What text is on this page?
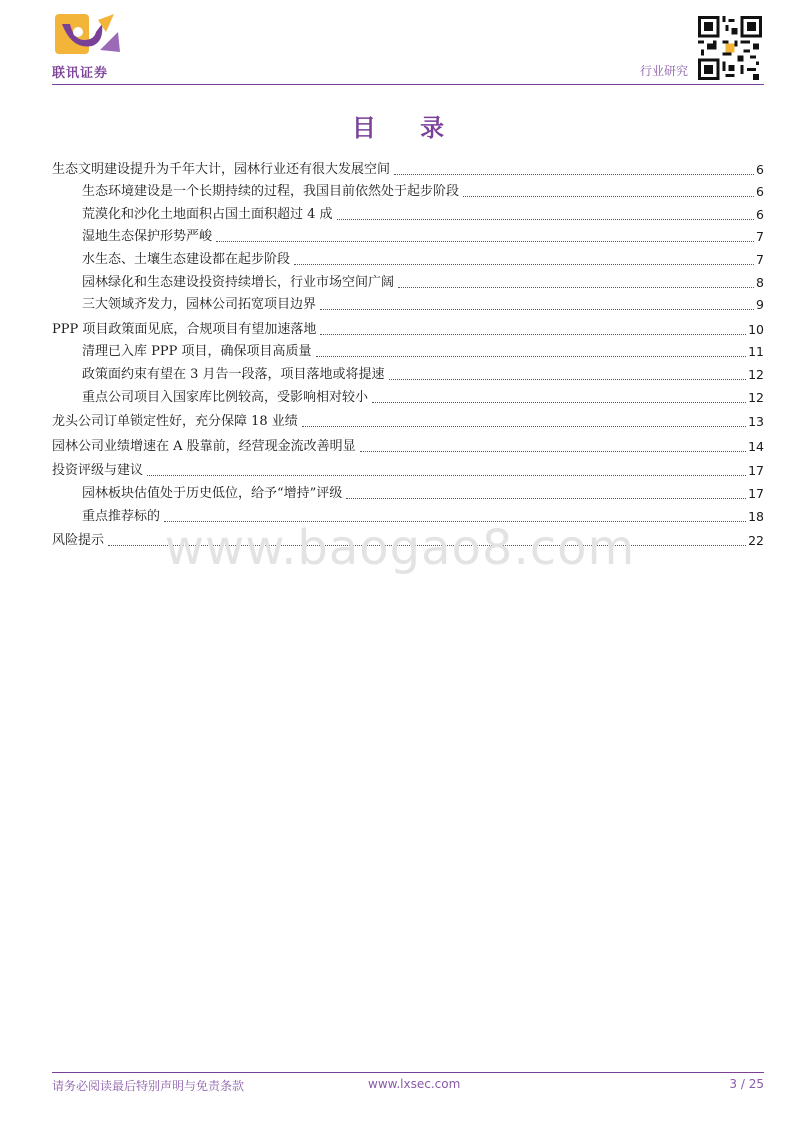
联讯证券	行业研究
目 录
生态文明建设提升为千年大计，园林行业还有很大发展空间	6
生态环境建设是一个长期持续的过程，我国目前依然处于起步阶段	6
荒漠化和沙化土地面积占国土面积超过 4 成	6
湿地生态保护形势严峻	7
水生态、土壤生态建设都在起步阶段	7
园林绿化和生态建设投资持续增长，行业市场空间广阔	8
三大领域齐发力，园林公司拓宽项目边界	9
PPP 项目政策面见底，合规项目有望加速落地	10
清理已入库 PPP 项目，确保项目高质量	11
政策面约束有望在 3 月告一段落，项目落地或将提速	12
重点公司项目入国家库比例较高，受影响相对较小	12
龙头公司订单锁定性好，充分保障 18 业绩	13
园林公司业绩增速在 A 股靠前，经营现金流改善明显	14
投资评级与建议	17
园林板块估值处于历史低位，给予“增持”评级	17
重点推荐标的	18
风险提示	22
www.baogao8.com
请务必阅读最后特别声明与免责条款	www.lxsec.com	3 / 25
